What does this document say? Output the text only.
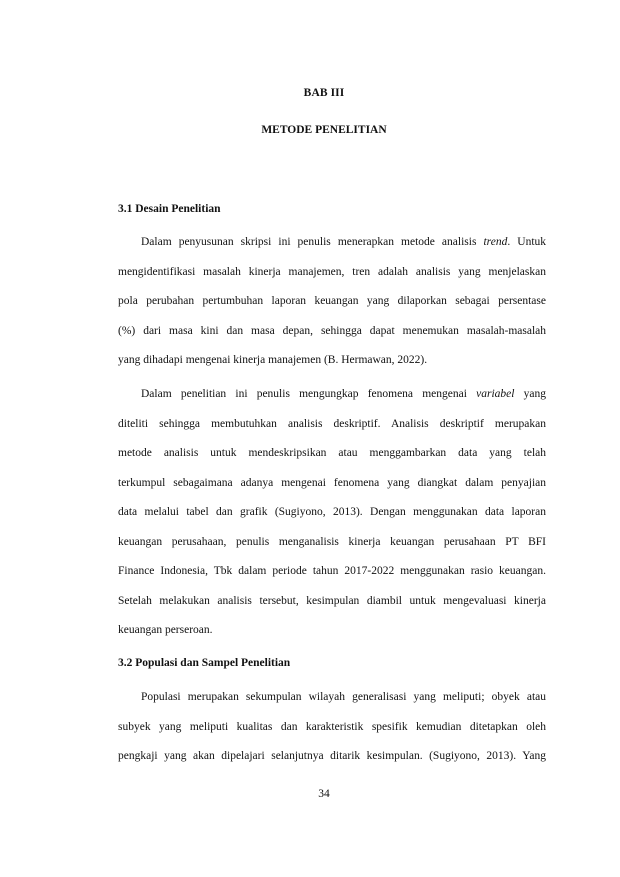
BAB III
METODE PENELITIAN
3.1 Desain Penelitian

Dalam penyusunan skripsi ini penulis menerapkan metode analisis trend. Untuk
mengidentifikasi masalah kinerja manajemen, tren adalah analisis yang menjelaskan
pola perubahan pertumbuhan laporan keuangan yang dilaporkan sebagai persentase
(%) dari masa kini dan masa depan, sehingga dapat menemukan masalah-masalah
yang dihadapi mengenai kinerja manajemen (B. Hermawan, 2022).

Dalam penelitian ini penulis mengungkap fenomena mengenai variabel yang
diteliti sehingga membutuhkan analisis deskriptif. Analisis deskriptif merupakan
metode analisis untuk mendeskripsikan atau menggambarkan data yang telah
terkumpul sebagaimana adanya mengenai fenomena yang diangkat dalam penyajian
data melalui tabel dan grafik (Sugiyono, 2013). Dengan menggunakan data laporan
keuangan perusahaan, penulis menganalisis kinerja keuangan perusahaan PT BFI
Finance Indonesia, Tbk dalam periode tahun 2017-2022 menggunakan rasio keuangan.
Setelah melakukan analisis tersebut, kesimpulan diambil untuk mengevaluasi kinerja
keuangan perseroan.

3.2 Populasi dan Sampel Penelitian

Populasi merupakan sekumpulan wilayah generalisasi yang meliputi; obyek atau
subyek yang meliputi kualitas dan karakteristik spesifik kemudian ditetapkan oleh
pengkaji yang akan dipelajari selanjutnya ditarik kesimpulan. (Sugiyono, 2013). Yang

34
